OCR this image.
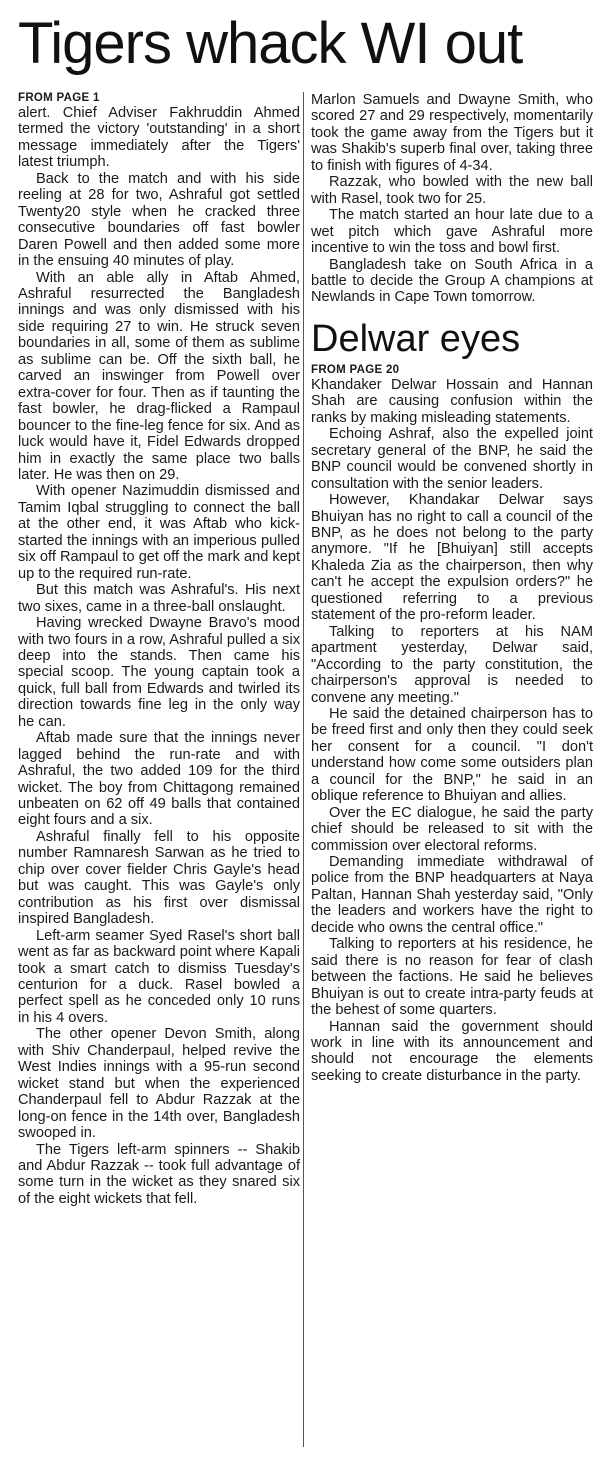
Tigers whack WI out
FROM PAGE 1

alert. Chief Adviser Fakhruddin Ahmed termed the victory 'outstanding' in a short message immediately after the Tigers' latest triumph.

Back to the match and with his side reeling at 28 for two, Ashraful got settled Twenty20 style when he cracked three consecutive boundaries off fast bowler Daren Powell and then added some more in the ensuing 40 minutes of play.

With an able ally in Aftab Ahmed, Ashraful resurrected the Bangladesh innings and was only dismissed with his side requiring 27 to win. He struck seven boundaries in all, some of them as sublime as sublime can be. Off the sixth ball, he carved an inswinger from Powell over extra-cover for four. Then as if taunting the fast bowler, he drag-flicked a Rampaul bouncer to the fine-leg fence for six. And as luck would have it, Fidel Edwards dropped him in exactly the same place two balls later. He was then on 29.

With opener Nazimuddin dismissed and Tamim Iqbal struggling to connect the ball at the other end, it was Aftab who kick-started the innings with an imperious pulled six off Rampaul to get off the mark and kept up to the required run-rate.

But this match was Ashraful's. His next two sixes, came in a three-ball onslaught.

Having wrecked Dwayne Bravo's mood with two fours in a row, Ashraful pulled a six deep into the stands. Then came his special scoop. The young captain took a quick, full ball from Edwards and twirled its direction towards fine leg in the only way he can.

Aftab made sure that the innings never lagged behind the run-rate and with Ashraful, the two added 109 for the third wicket. The boy from Chittagong remained unbeaten on 62 off 49 balls that contained eight fours and a six.

Ashraful finally fell to his opposite number Ramnaresh Sarwan as he tried to chip over cover fielder Chris Gayle's head but was caught. This was Gayle's only contribution as his first over dismissal inspired Bangladesh.

Left-arm seamer Syed Rasel's short ball went as far as backward point where Kapali took a smart catch to dismiss Tuesday's centurion for a duck. Rasel bowled a perfect spell as he conceded only 10 runs in his 4 overs.

The other opener Devon Smith, along with Shiv Chanderpaul, helped revive the West Indies innings with a 95-run second wicket stand but when the experienced Chanderpaul fell to Abdur Razzak at the long-on fence in the 14th over, Bangladesh swooped in.

The Tigers left-arm spinners -- Shakib and Abdur Razzak -- took full advantage of some turn in the wicket as they snared six of the eight wickets that fell.

Marlon Samuels and Dwayne Smith, who scored 27 and 29 respectively, momentarily took the game away from the Tigers but it was Shakib's superb final over, taking three to finish with figures of 4-34.

Razzak, who bowled with the new ball with Rasel, took two for 25.

The match started an hour late due to a wet pitch which gave Ashraful more incentive to win the toss and bowl first.

Bangladesh take on South Africa in a battle to decide the Group A champions at Newlands in Cape Town tomorrow.

Delwar eyes
FROM PAGE 20

Khandaker Delwar Hossain and Hannan Shah are causing confusion within the ranks by making misleading statements.

Echoing Ashraf, also the expelled joint secretary general of the BNP, he said the BNP council would be convened shortly in consultation with the senior leaders.

However, Khandakar Delwar says Bhuiyan has no right to call a council of the BNP, as he does not belong to the party anymore. "If he [Bhuiyan] still accepts Khaleda Zia as the chairperson, then why can't he accept the expulsion orders?" he questioned referring to a previous statement of the pro-reform leader.

Talking to reporters at his NAM apartment yesterday, Delwar said, "According to the party constitution, the chairperson's approval is needed to convene any meeting."

He said the detained chairperson has to be freed first and only then they could seek her consent for a council. "I don't understand how come some outsiders plan a council for the BNP," he said in an oblique reference to Bhuiyan and allies.

Over the EC dialogue, he said the party chief should be released to sit with the commission over electoral reforms.

Demanding immediate withdrawal of police from the BNP headquarters at Naya Paltan, Hannan Shah yesterday said, "Only the leaders and workers have the right to decide who owns the central office."

Talking to reporters at his residence, he said there is no reason for fear of clash between the factions. He said he believes Bhuiyan is out to create intra-party feuds at the behest of some quarters.

Hannan said the government should work in line with its announcement and should not encourage the elements seeking to create disturbance in the party.
